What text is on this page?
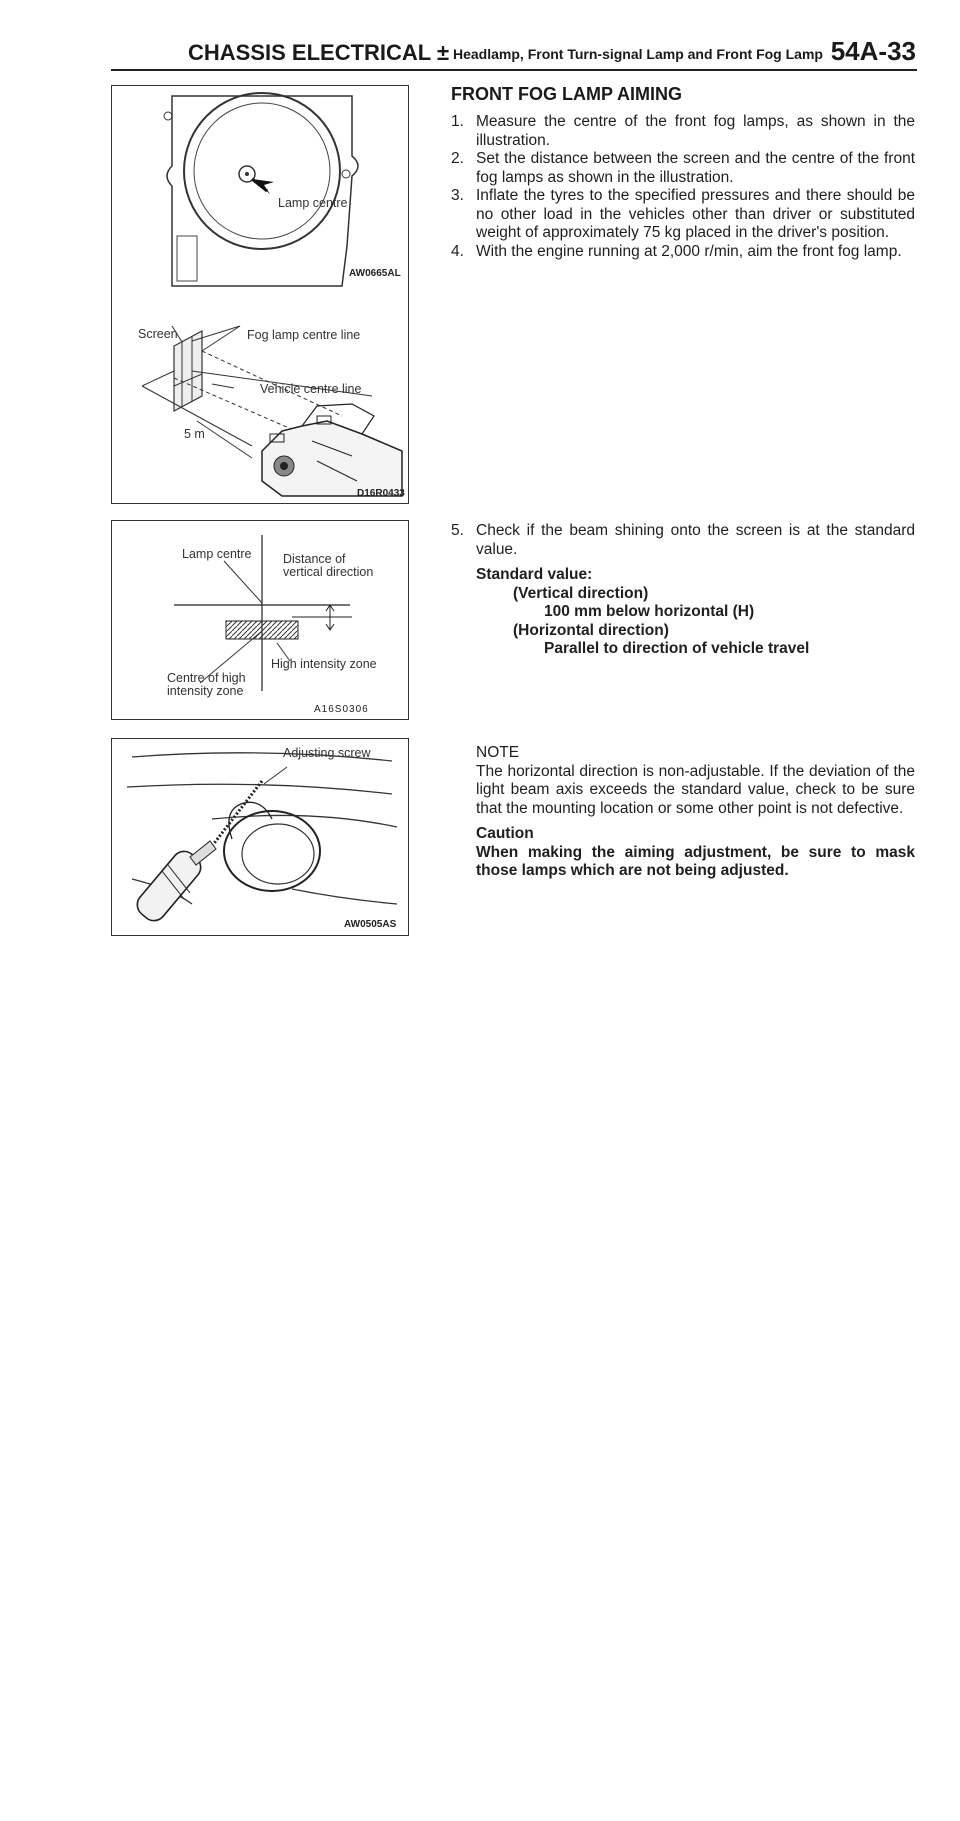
CHASSIS ELECTRICAL ± Headlamp, Front Turn-signal Lamp and Front Fog Lamp 54A-33
Lamp centre
AW0665AL
Screen	Fog lamp centre line
Vehicle centre line
5 m
D16R0433
Lamp centre	Distance of
vertical direction
High intensity zone
Centre of high
intensity zone
A16S0306
Adjusting screw
AW0505AS
FRONT FOG LAMP AIMING
1. Measure the centre of the front fog lamps, as shown in the illustration.
2. Set the distance between the screen and the centre of the front fog lamps as shown in the illustration.
3. Inflate the tyres to the specified pressures and there should be no other load in the vehicles other than driver or substituted weight of approximately 75 kg placed in the driver's position.
4. With the engine running at 2,000 r/min, aim the front fog lamp.
5. Check if the beam shining onto the screen is at the standard value.
Standard value:
(Vertical direction)
100 mm below horizontal (H)
(Horizontal direction)
Parallel to direction of vehicle travel
NOTE
The horizontal direction is non-adjustable. If the deviation of the light beam axis exceeds the standard value, check to be sure that the mounting location or some other point is not defective.
Caution
When making the aiming adjustment, be sure to mask those lamps which are not being adjusted.
